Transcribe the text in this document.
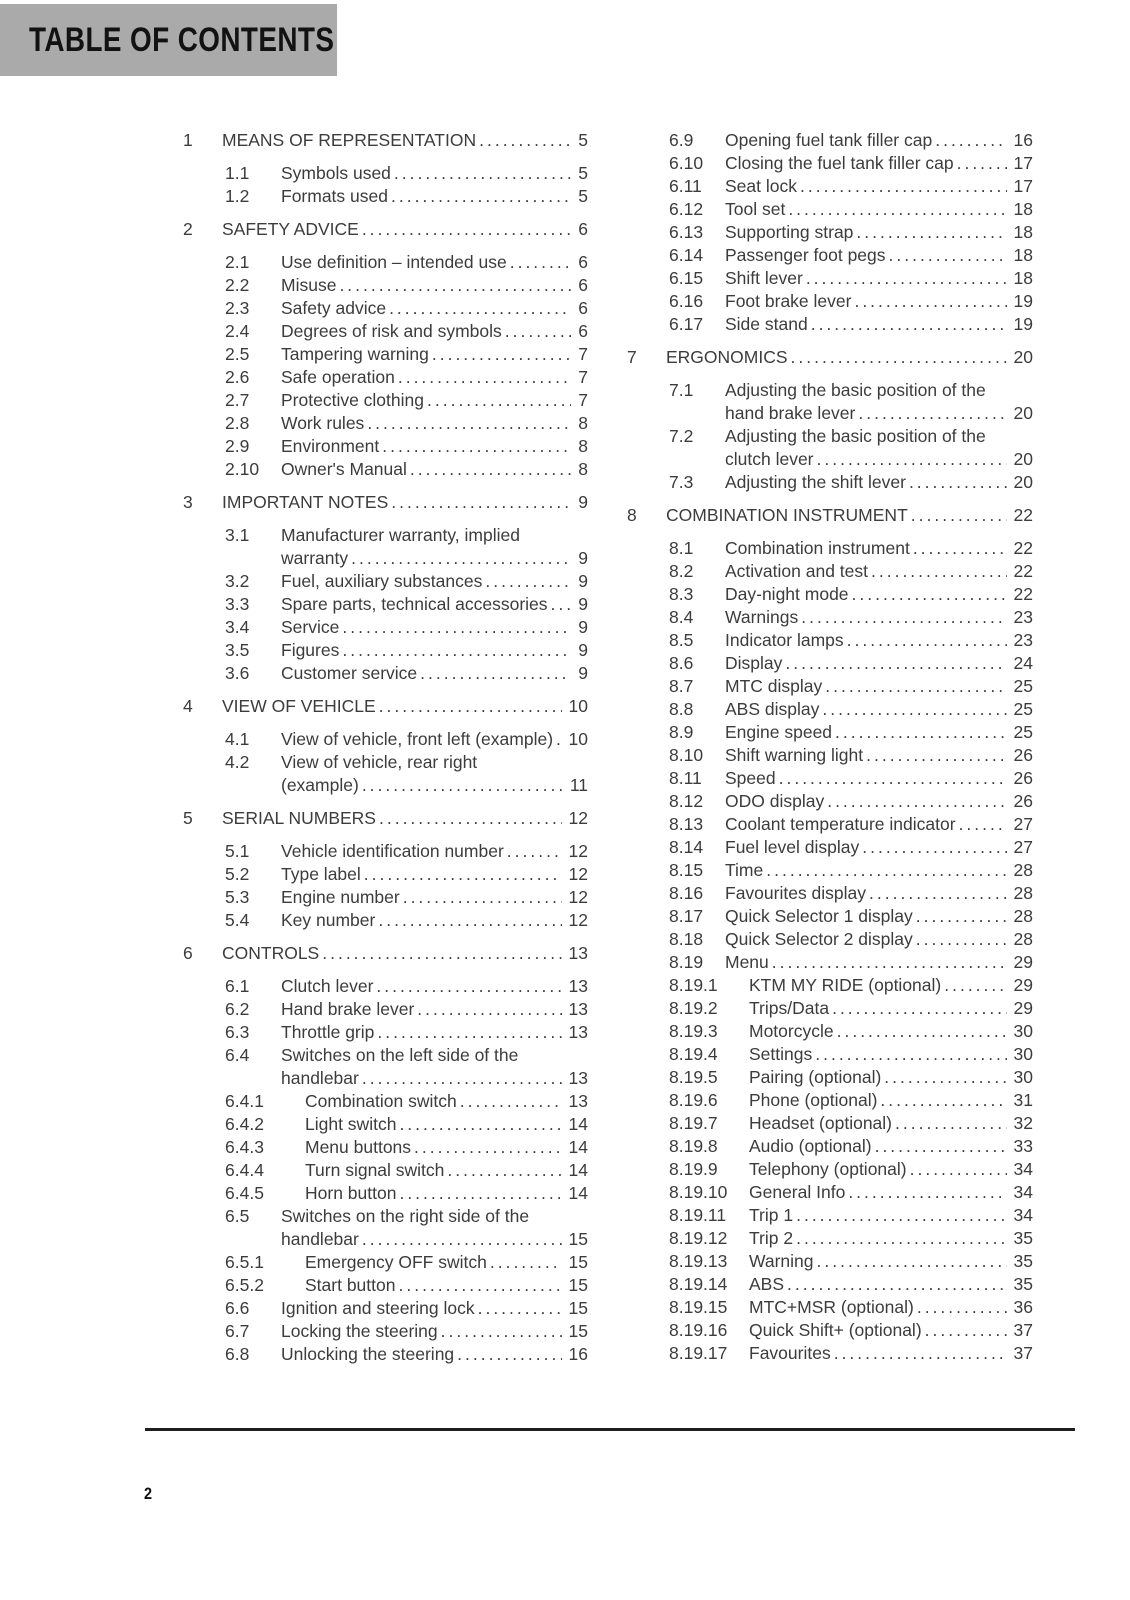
TABLE OF CONTENTS
1	MEANS OF REPRESENTATION .....	5
1.1	Symbols used .....	5
1.2	Formats used .....	5
2	SAFETY ADVICE .....	6
2.1	Use definition – intended use .....	6
2.2	Misuse .....	6
2.3	Safety advice .....	6
2.4	Degrees of risk and symbols .....	6
2.5	Tampering warning .....	7
2.6	Safe operation .....	7
2.7	Protective clothing .....	7
2.8	Work rules .....	8
2.9	Environment .....	8
2.10	Owner's Manual .....	8
3	IMPORTANT NOTES .....	9
3.1	Manufacturer warranty, implied
warranty .....	9
3.2	Fuel, auxiliary substances .....	9
3.3	Spare parts, technical accessories ..... 9
3.4	Service .....	9
3.5	Figures .....	9
3.6	Customer service .....	9
4	VIEW OF VEHICLE .....	10
4.1	View of vehicle, front left (example) ..... 10
4.2	View of vehicle, rear right
(example) .....	11
5	SERIAL NUMBERS .....	12
5.1	Vehicle identification number .....	12
5.2	Type label .....	12
5.3	Engine number .....	12
5.4	Key number .....	12
6	CONTROLS .....	13
6.1	Clutch lever .....	13
6.2	Hand brake lever .....	13
6.3	Throttle grip .....	13
6.4	Switches on the left side of the
handlebar .....	13
6.4.1	Combination switch .....	13
6.4.2	Light switch .....	14
6.4.3	Menu buttons .....	14
6.4.4	Turn signal switch .....	14
6.4.5	Horn button .....	14
6.5	Switches on the right side of the
handlebar .....	15
6.5.1	Emergency OFF switch .....	15
6.5.2	Start button .....	15
6.6	Ignition and steering lock .....	15
6.7	Locking the steering .....	15
6.8	Unlocking the steering .....	16
6.9	Opening fuel tank filler cap .....	16
6.10	Closing the fuel tank filler cap .....	17
6.11	Seat lock .....	17
6.12	Tool set .....	18
6.13	Supporting strap .....	18
6.14	Passenger foot pegs .....	18
6.15	Shift lever .....	18
6.16	Foot brake lever .....	19
6.17	Side stand .....	19
7	ERGONOMICS .....	20
7.1	Adjusting the basic position of the
hand brake lever .....	20
7.2	Adjusting the basic position of the
clutch lever .....	20
7.3	Adjusting the shift lever .....	20
8	COMBINATION INSTRUMENT .....	22
8.1	Combination instrument .....	22
8.2	Activation and test .....	22
8.3	Day-night mode .....	22
8.4	Warnings .....	23
8.5	Indicator lamps .....	23
8.6	Display .....	24
8.7	MTC display .....	25
8.8	ABS display .....	25
8.9	Engine speed .....	25
8.10	Shift warning light .....	26
8.11	Speed .....	26
8.12	ODO display .....	26
8.13	Coolant temperature indicator .....	27
8.14	Fuel level display .....	27
8.15	Time .....	28
8.16	Favourites display .....	28
8.17	Quick Selector 1 display .....	28
8.18	Quick Selector 2 display .....	28
8.19	Menu .....	29
8.19.1	KTM MY RIDE (optional) .....	29
8.19.2	Trips/Data .....	29
8.19.3	Motorcycle .....	30
8.19.4	Settings .....	30
8.19.5	Pairing (optional) .....	30
8.19.6	Phone (optional) .....	31
8.19.7	Headset (optional) .....	32
8.19.8	Audio (optional) .....	33
8.19.9	Telephony (optional) .....	34
8.19.10	General Info .....	34
8.19.11	Trip 1 .....	34
8.19.12	Trip 2 .....	35
8.19.13	Warning .....	35
8.19.14	ABS .....	35
8.19.15	MTC+MSR (optional) .....	36
8.19.16	Quick Shift+ (optional) .....	37
8.19.17	Favourites .....	37
2
